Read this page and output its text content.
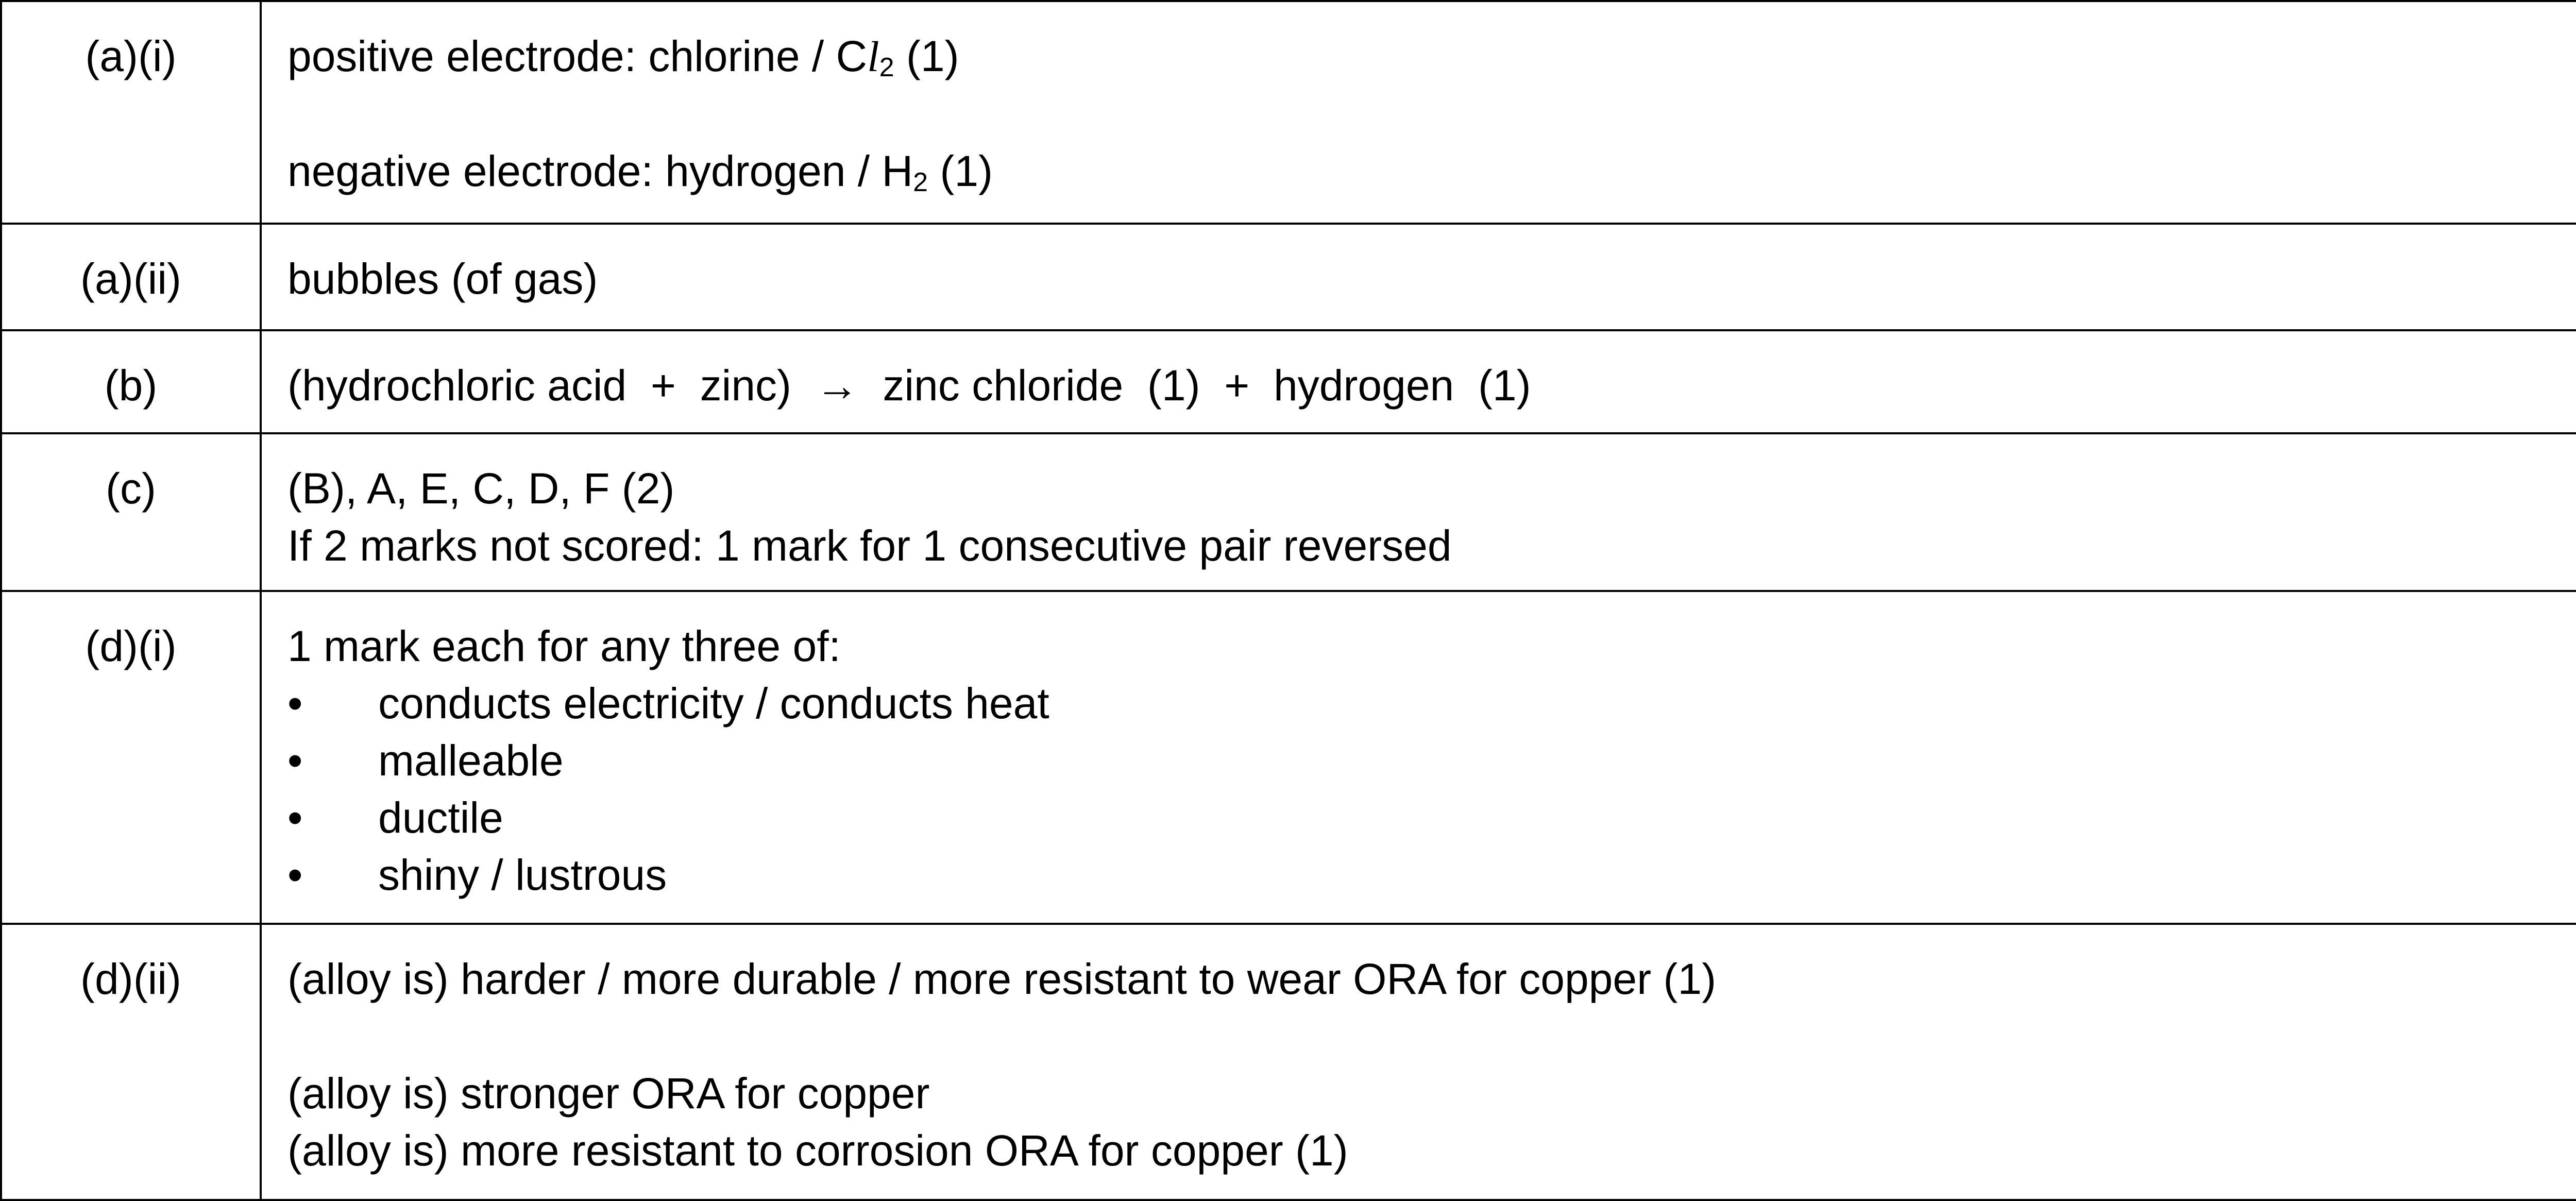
(a)(i)	positive electrode: chlorine / $Cl_2$ (1)
negative electrode: hydrogen / $H_2$ (1)

(a)(ii)	bubbles (of gas)

(b)	(hydrochloric acid  +  zinc)  →  zinc chloride  (1)  +  hydrogen  (1)

(c)	(B), A, E, C, D, F (2)
If 2 marks not scored: 1 mark for 1 consecutive pair reversed

(d)(i)	1 mark each for any three of:
• conducts electricity / conducts heat
• malleable
• ductile
• shiny / lustrous

(d)(ii)	(alloy is) harder / more durable / more resistant to wear ORA for copper (1)
(alloy is) stronger ORA for copper
(alloy is) more resistant to corrosion ORA for copper (1)
